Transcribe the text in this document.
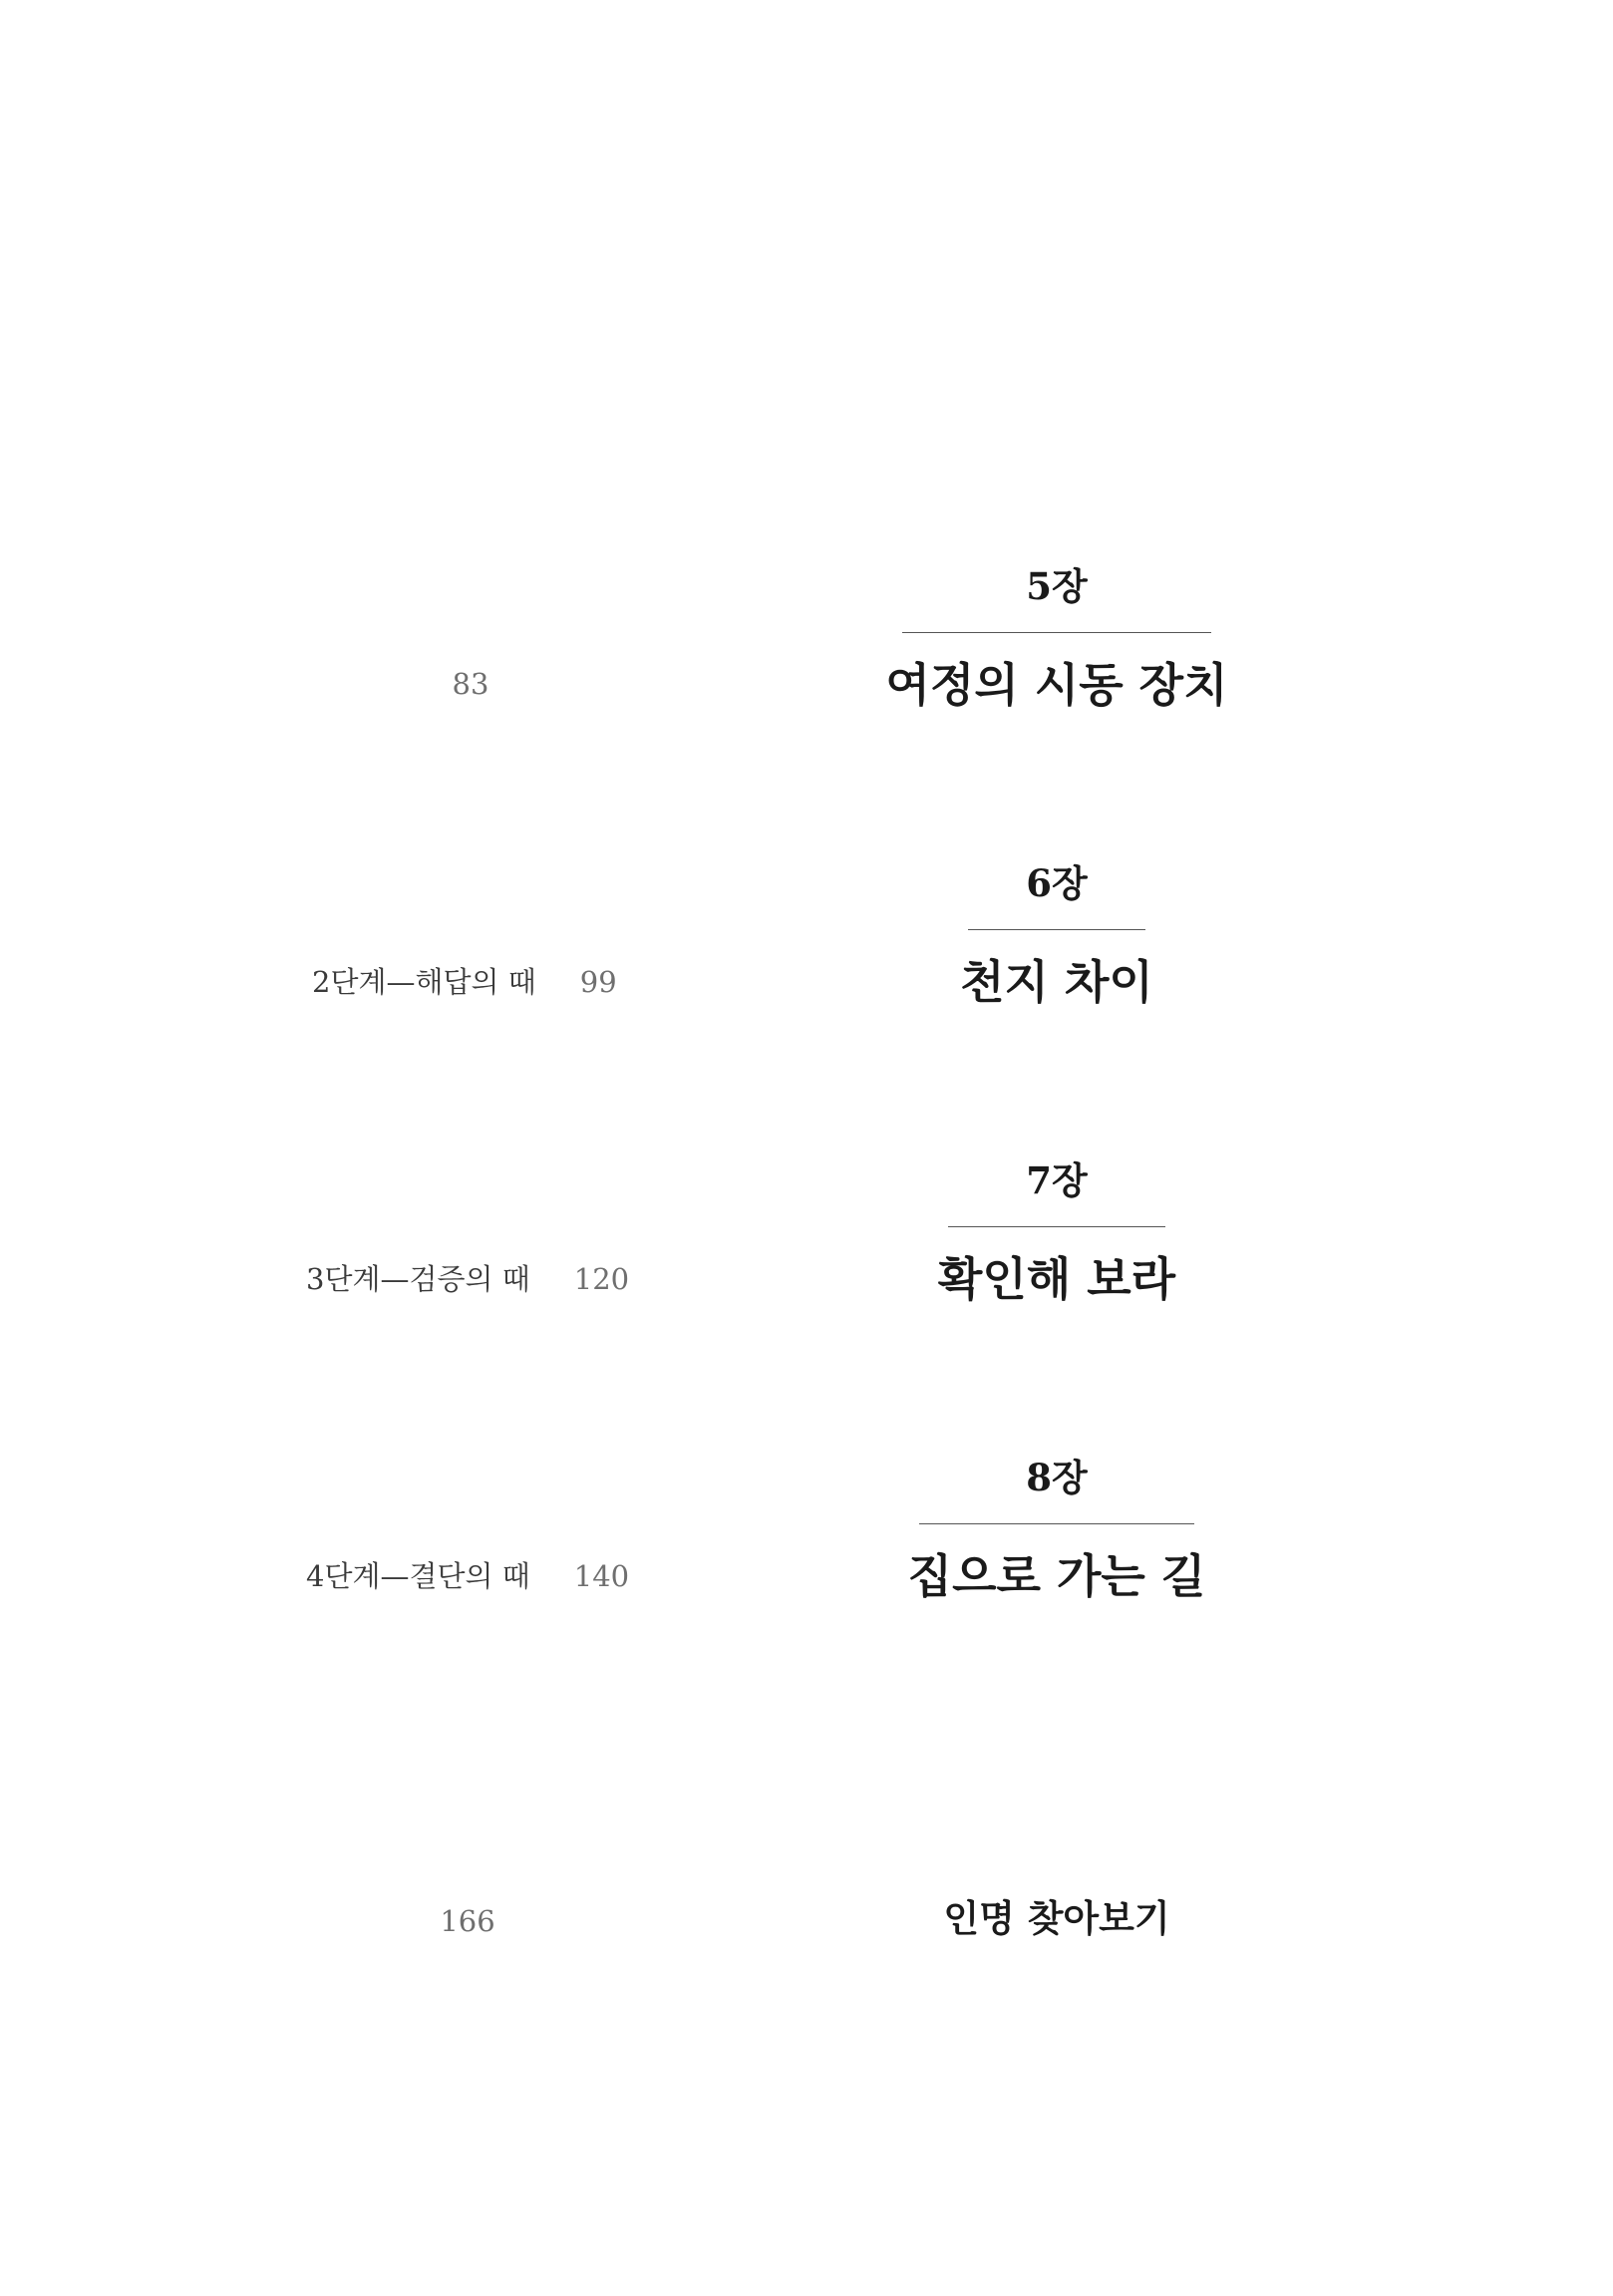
5장
여정의 시동 장치
83
6장
천지 차이
2단계—해답의 때 99
7장
확인해 보라
3단계—검증의 때 120
8장
집으로 가는 길
4단계—결단의 때 140
인명 찾아보기
166
